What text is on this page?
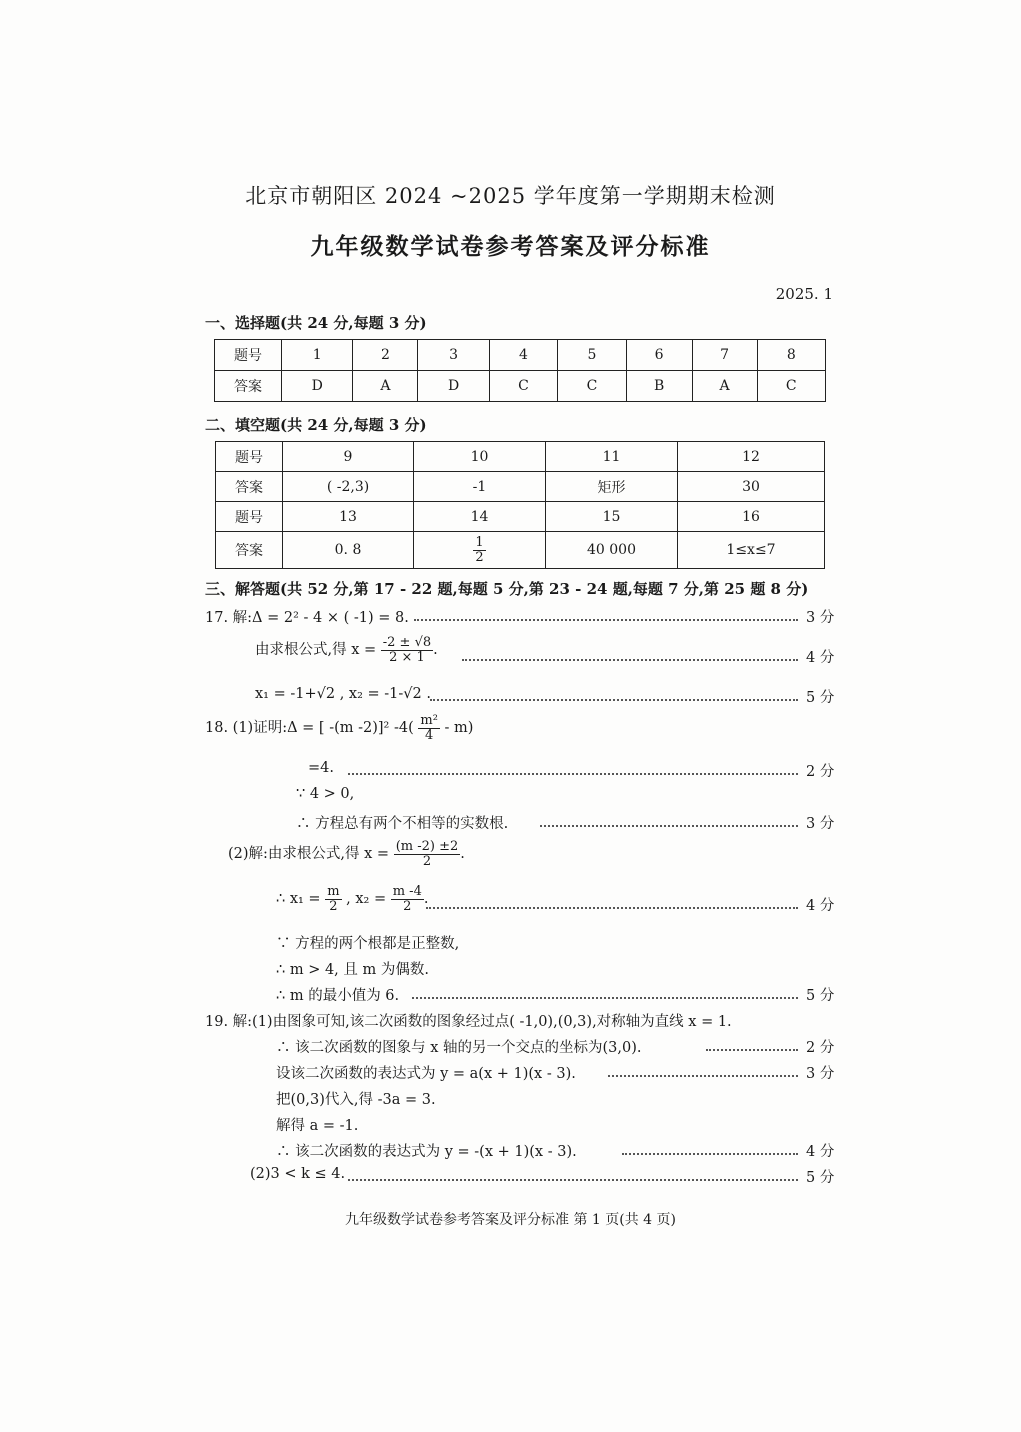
北京市朝阳区 2024 ~2025 学年度第一学期期末检测
九年级数学试卷参考答案及评分标准
2025. 1
一、选择题(共 24 分,每题 3 分)
题号	1	2	3	4	5	6	7	8
答案	D	A	D	C	C	B	A	C
二、填空题(共 24 分,每题 3 分)
题号	9	10	11	12
答案	( -2,3)	-1	矩形	30
题号	13	14	15	16
答案	0. 8	$\frac{1}{2}$	40 000	1≤x≤7
三、解答题(共 52 分,第 17 - 22 题,每题 5 分,第 23 - 24 题,每题 7 分,第 25 题 8 分)
17. 解:Δ = 2² - 4 × ( -1) = 8.	3 分
由求根公式,得 $x = \frac{-2 \pm √8}{2 \times 1}$ .	4 分
x₁ = -1+√2 , x₂ = -1-√2 .	5 分
18. (1)证明:Δ = [ -(m -2)]² $-4( \frac{\text{m²}}{4} - m)$
=4.	2 分
∵ 4 > 0,
∴ 方程总有两个不相等的实数根.	3 分
(2)解:由求根公式,得 $x = \frac{(m -2) \pm 2}{2}$ .
∴ $x_1 = \frac{m}{2}$ , $x_2 = \frac{m -4}{2}$ .	4 分
∵ 方程的两个根都是正整数,
∴ m > 4, 且 m 为偶数.
∴ m 的最小值为 6.	5 分
19. 解:(1)由图象可知,该二次函数的图象经过点( -1,0),(0,3),对称轴为直线 x = 1.
∴ 该二次函数的图象与 x 轴的另一个交点的坐标为(3,0).	2 分
设该二次函数的表达式为 y = a(x + 1)(x - 3).	3 分
把(0,3)代入,得 -3a = 3.
解得 a = -1.
∴ 该二次函数的表达式为 y = -(x + 1)(x - 3).	4 分
(2)3 < k ≤ 4.	5 分
九年级数学试卷参考答案及评分标准 第 1 页(共 4 页)
